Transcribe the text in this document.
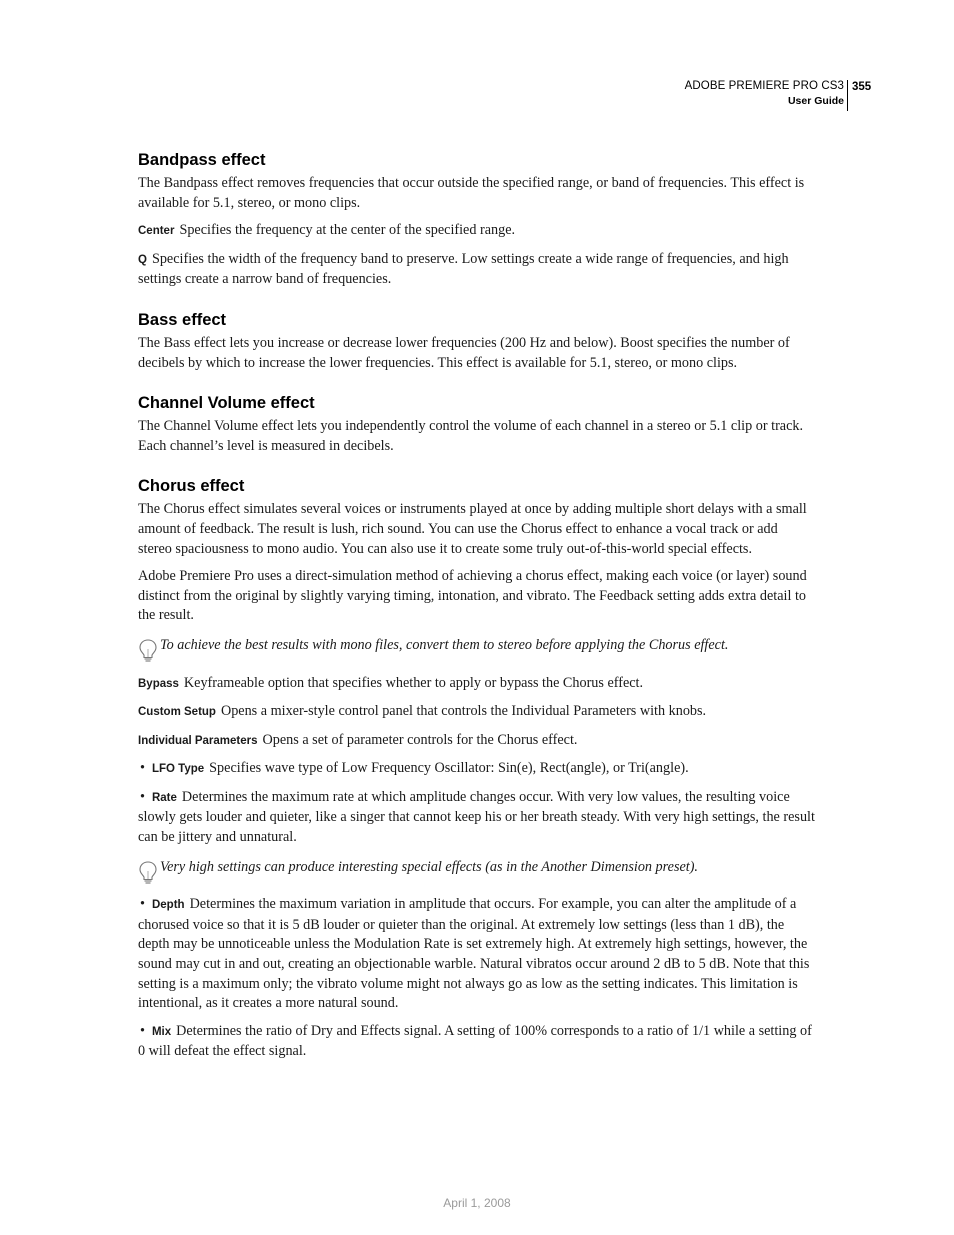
ADOBE PREMIERE PRO CS3
User Guide
355
Bandpass effect

The Bandpass effect removes frequencies that occur outside the specified range, or band of frequencies. This effect is available for 5.1, stereo, or mono clips.

Center Specifies the frequency at the center of the specified range.

Q Specifies the width of the frequency band to preserve. Low settings create a wide range of frequencies, and high settings create a narrow band of frequencies.

Bass effect

The Bass effect lets you increase or decrease lower frequencies (200 Hz and below). Boost specifies the number of decibels by which to increase the lower frequencies. This effect is available for 5.1, stereo, or mono clips.

Channel Volume effect

The Channel Volume effect lets you independently control the volume of each channel in a stereo or 5.1 clip or track. Each channel’s level is measured in decibels.

Chorus effect

The Chorus effect simulates several voices or instruments played at once by adding multiple short delays with a small amount of feedback. The result is lush, rich sound. You can use the Chorus effect to enhance a vocal track or add stereo spaciousness to mono audio. You can also use it to create some truly out-of-this-world special effects.

Adobe Premiere Pro uses a direct-simulation method of achieving a chorus effect, making each voice (or layer) sound distinct from the original by slightly varying timing, intonation, and vibrato. The Feedback setting adds extra detail to the result.

To achieve the best results with mono files, convert them to stereo before applying the Chorus effect.

Bypass Keyframeable option that specifies whether to apply or bypass the Chorus effect.

Custom Setup Opens a mixer-style control panel that controls the Individual Parameters with knobs.

Individual Parameters Opens a set of parameter controls for the Chorus effect.

• LFO Type Specifies wave type of Low Frequency Oscillator: Sin(e), Rect(angle), or Tri(angle).

• Rate Determines the maximum rate at which amplitude changes occur. With very low values, the resulting voice slowly gets louder and quieter, like a singer that cannot keep his or her breath steady. With very high settings, the result can be jittery and unnatural.

Very high settings can produce interesting special effects (as in the Another Dimension preset).

• Depth Determines the maximum variation in amplitude that occurs. For example, you can alter the amplitude of a chorused voice so that it is 5 dB louder or quieter than the original. At extremely low settings (less than 1 dB), the depth may be unnoticeable unless the Modulation Rate is set extremely high. At extremely high settings, however, the sound may cut in and out, creating an objectionable warble. Natural vibratos occur around 2 dB to 5 dB. Note that this setting is a maximum only; the vibrato volume might not always go as low as the setting indicates. This limitation is intentional, as it creates a more natural sound.

• Mix Determines the ratio of Dry and Effects signal. A setting of 100% corresponds to a ratio of 1/1 while a setting of 0 will defeat the effect signal.

April 1, 2008
